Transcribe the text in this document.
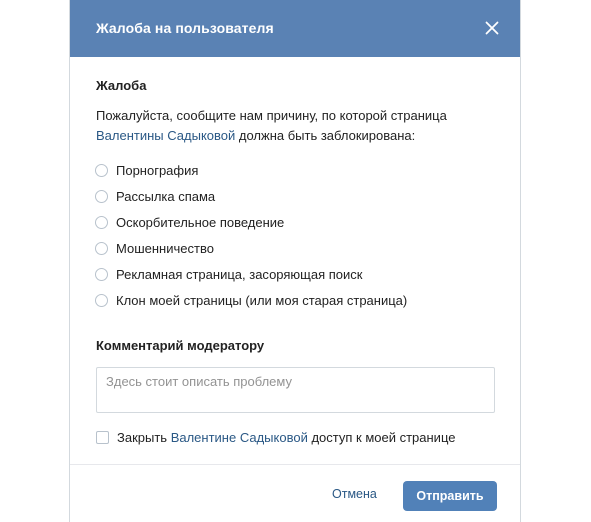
Жалоба на пользователя
Жалоба
Пожалуйста, сообщите нам причину, по которой страница
Валентины Садыковой должна быть заблокирована:
Порнография
Рассылка спама
Оскорбительное поведение
Мошенничество
Рекламная страница, засоряющая поиск
Клон моей страницы (или моя старая страница)
Комментарий модератору
Здесь стоит описать проблему
Закрыть Валентине Садыковой доступ к моей странице
Отмена	Отправить
